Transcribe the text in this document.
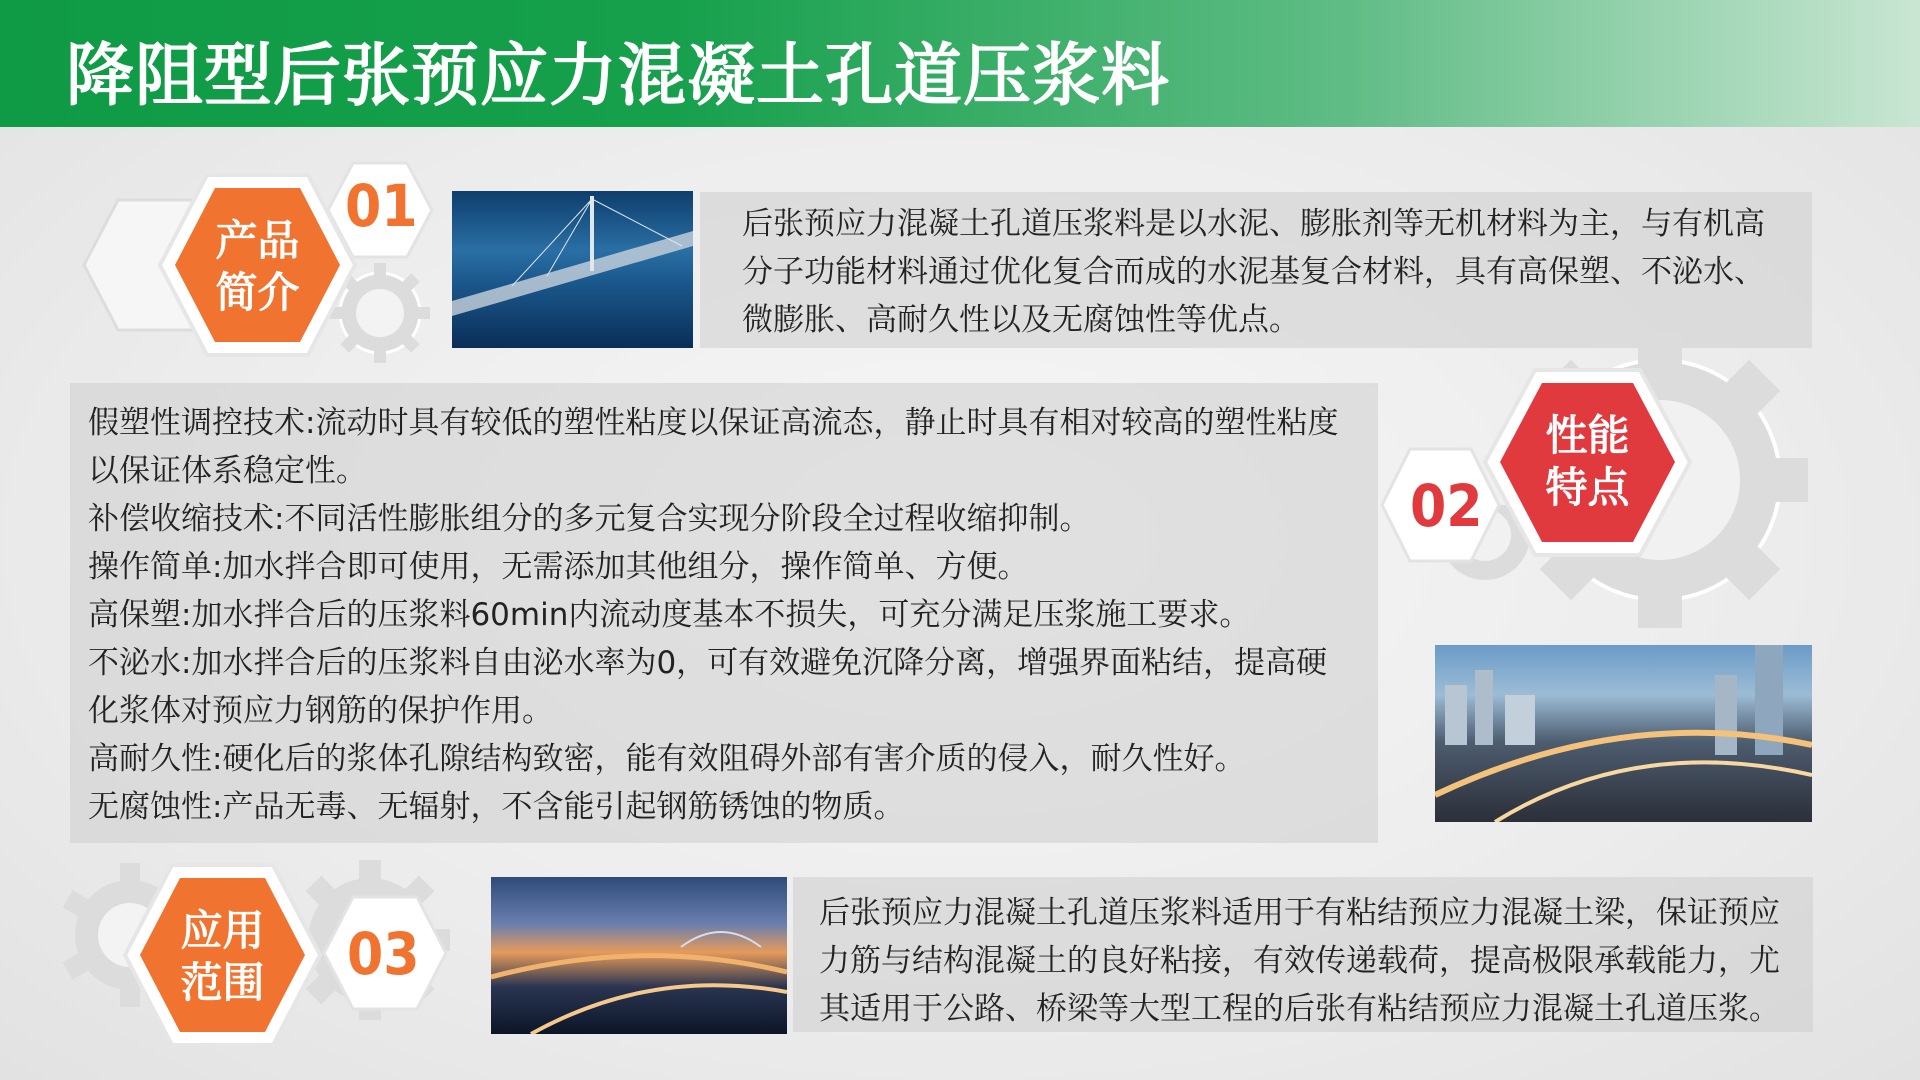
降阻型后张预应力混凝土孔道压浆料
产品
简介
01	后张预应力混凝土孔道压浆料是以水泥、膨胀剂等无机材料为主，与有机高分子功能材料通过优化复合而成的水泥基复合材料，具有高保塑、不泌水、微膨胀、高耐久性以及无腐蚀性等优点。
假塑性调控技术:流动时具有较低的塑性粘度以保证高流态，静止时具有相对较高的塑性粘度以保证体系稳定性。
补偿收缩技术:不同活性膨胀组分的多元复合实现分阶段全过程收缩抑制。
操作简单:加水拌合即可使用，无需添加其他组分，操作简单、方便。
高保塑:加水拌合后的压浆料60min内流动度基本不损失，可充分满足压浆施工要求。
不泌水:加水拌合后的压浆料自由泌水率为0，可有效避免沉降分离，增强界面粘结，提高硬化浆体对预应力钢筋的保护作用。
高耐久性:硬化后的浆体孔隙结构致密，能有效阻碍外部有害介质的侵入，耐久性好。
无腐蚀性:产品无毒、无辐射，不含能引起钢筋锈蚀的物质。
02
性能
特点
03
应用
范围
后张预应力混凝土孔道压浆料适用于有粘结预应力混凝土梁，保证预应力筋与结构混凝土的良好粘接，有效传递载荷，提高极限承载能力，尤其适用于公路、桥梁等大型工程的后张有粘结预应力混凝土孔道压浆。
